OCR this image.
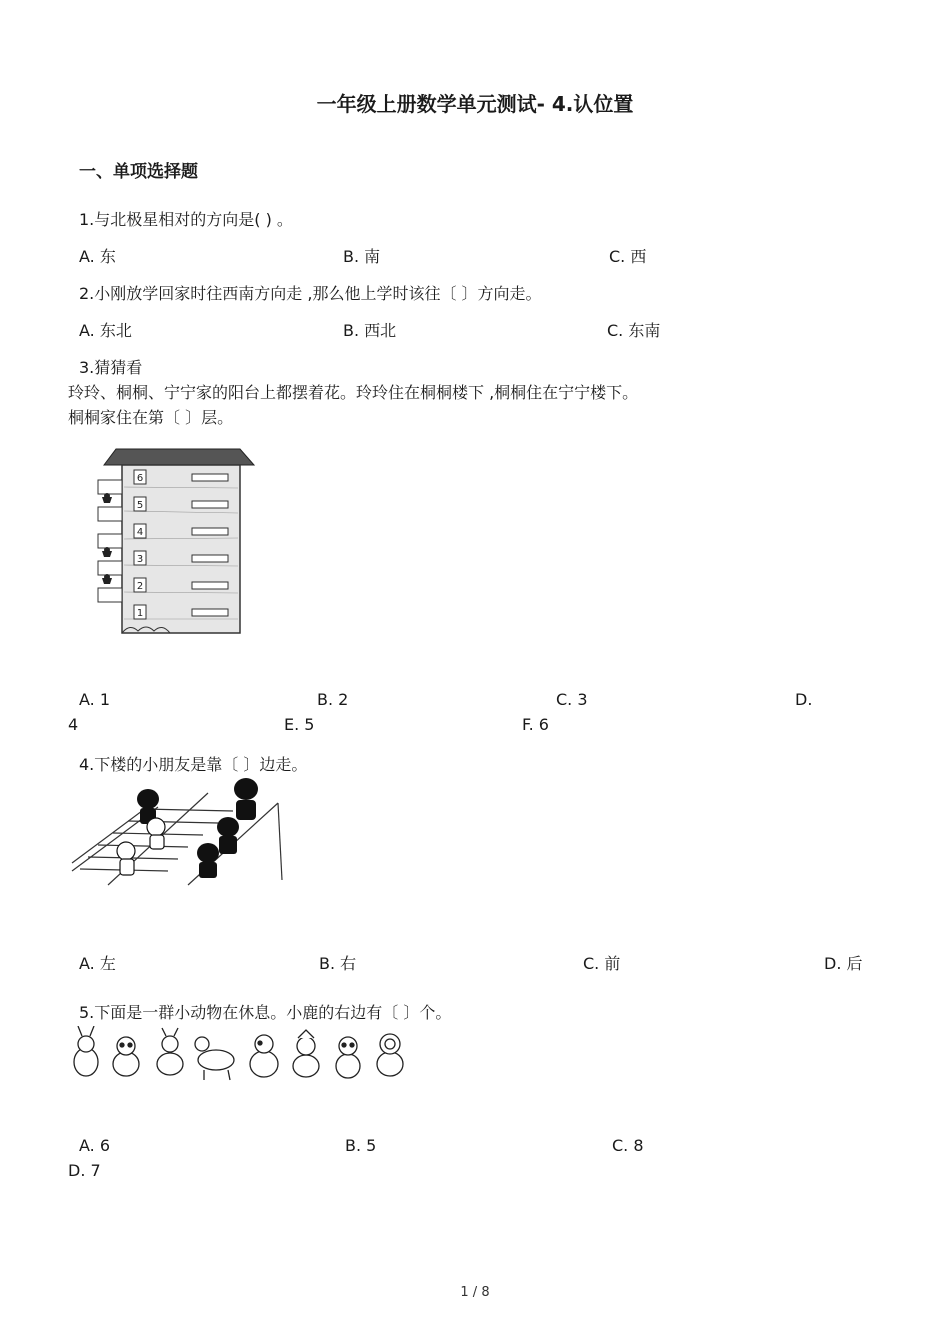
一年级上册数学单元测试- 4.认位置
一、单项选择题
1.与北极星相对的方向是( ) 。
A. 东	B. 南	C. 西
2.小刚放学回家时往西南方向走 ,那么他上学时该往〔 〕方向走。
A. 东北	B. 西北	C. 东南
3.猜猜看
玲玲、桐桐、宁宁家的阳台上都摆着花。玲玲住在桐桐楼下 ,桐桐住在宁宁楼下。
桐桐家住在第〔 〕层。
6
5
4
3
2
1
A. 1	B. 2	C. 3	D.
4	E. 5	F. 6
4.下楼的小朋友是靠〔 〕边走。
A. 左	B. 右	C. 前	D. 后
5.下面是一群小动物在休息。小鹿的右边有〔 〕个。
A. 6	B. 5	C. 8
D. 7
1 / 8
